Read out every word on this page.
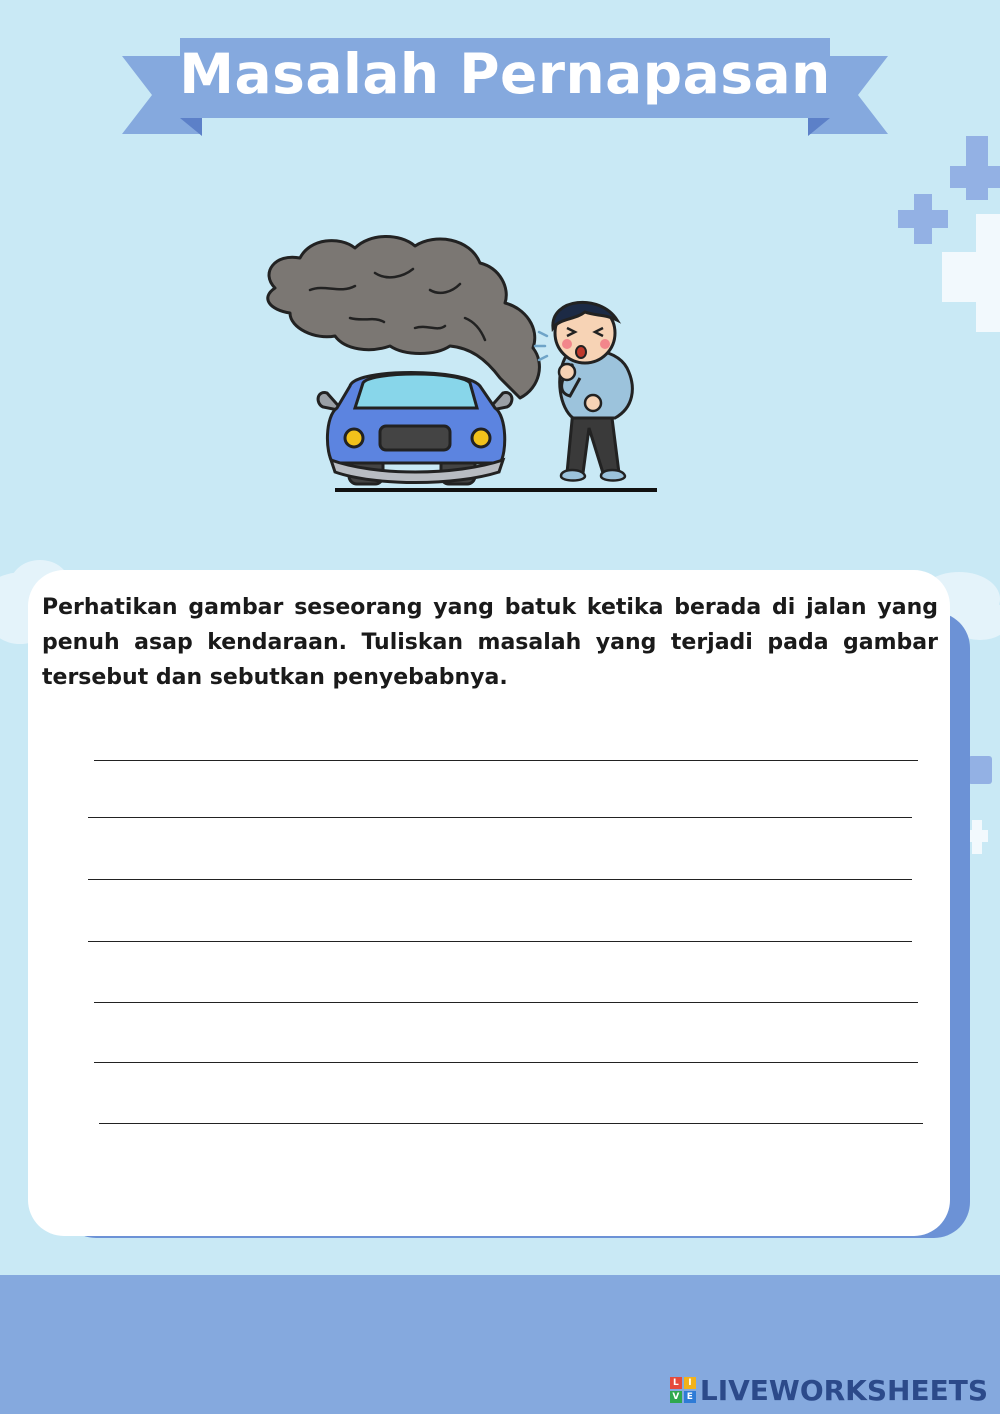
Masalah Pernapasan
Perhatikan gambar seseorang yang batuk ketika berada di jalan yang penuh asap kendaraan. Tuliskan masalah yang terjadi pada gambar tersebut dan sebutkan penyebabnya.
L	I
V E LIVEWORKSHEETS
